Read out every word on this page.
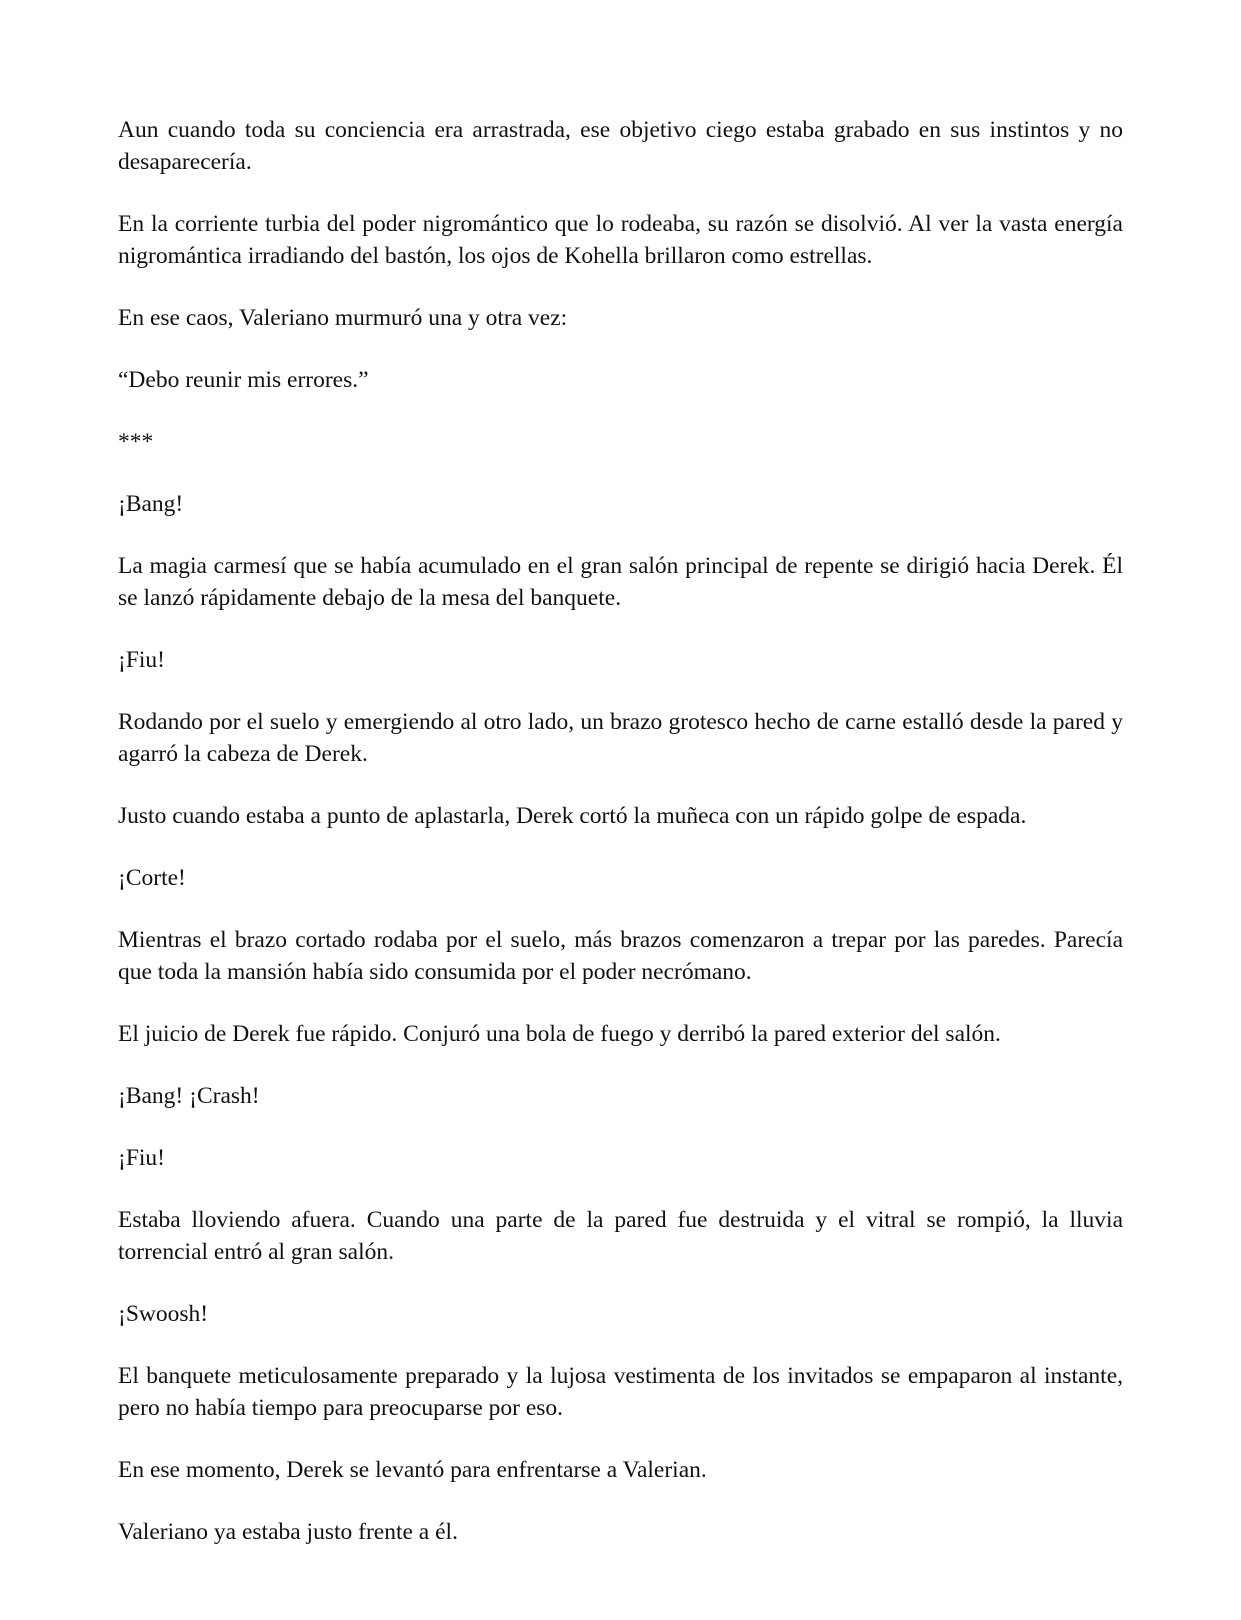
Aun cuando toda su conciencia era arrastrada, ese objetivo ciego estaba grabado en sus instintos y no desaparecería.

En la corriente turbia del poder nigromántico que lo rodeaba, su razón se disolvió. Al ver la vasta energía nigromántica irradiando del bastón, los ojos de Kohella brillaron como estrellas.

En ese caos, Valeriano murmuró una y otra vez:

“Debo reunir mis errores.”

***

¡Bang!

La magia carmesí que se había acumulado en el gran salón principal de repente se dirigió hacia Derek. Él se lanzó rápidamente debajo de la mesa del banquete.

¡Fiu!

Rodando por el suelo y emergiendo al otro lado, un brazo grotesco hecho de carne estalló desde la pared y agarró la cabeza de Derek.

Justo cuando estaba a punto de aplastarla, Derek cortó la muñeca con un rápido golpe de espada.

¡Corte!

Mientras el brazo cortado rodaba por el suelo, más brazos comenzaron a trepar por las paredes. Parecía que toda la mansión había sido consumida por el poder necrómano.

El juicio de Derek fue rápido. Conjuró una bola de fuego y derribó la pared exterior del salón.

¡Bang! ¡Crash!

¡Fiu!

Estaba lloviendo afuera. Cuando una parte de la pared fue destruida y el vitral se rompió, la lluvia torrencial entró al gran salón.

¡Swoosh!

El banquete meticulosamente preparado y la lujosa vestimenta de los invitados se empaparon al instante, pero no había tiempo para preocuparse por eso.

En ese momento, Derek se levantó para enfrentarse a Valerian.

Valeriano ya estaba justo frente a él.
